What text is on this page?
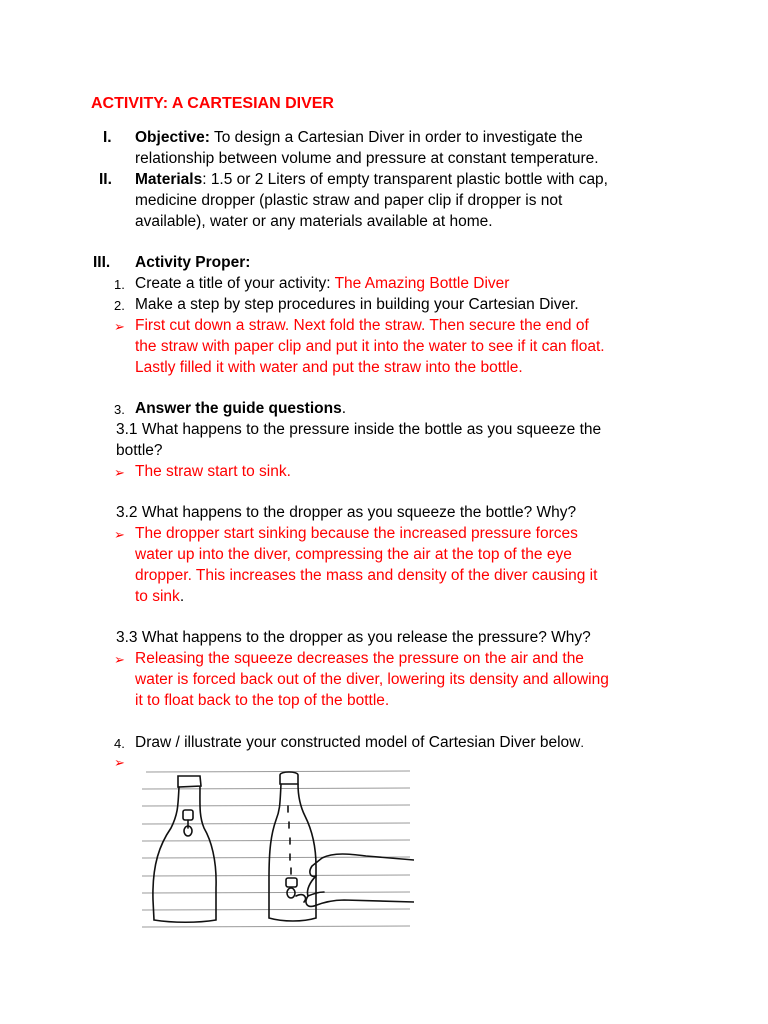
ACTIVITY: A CARTESIAN DIVER
I. Objective: To design a Cartesian Diver in order to investigate the
relationship between volume and pressure at constant temperature.
II. Materials: 1.5 or 2 Liters of empty transparent plastic bottle with cap,
medicine dropper (plastic straw and paper clip if dropper is not
available), water or any materials available at home.
III. Activity Proper:
1. Create a title of your activity: The Amazing Bottle Diver
2. Make a step by step procedures in building your Cartesian Diver.
➢ First cut down a straw. Next fold the straw. Then secure the end of
the straw with paper clip and put it into the water to see if it can float.
Lastly filled it with water and put the straw into the bottle.
3. Answer the guide questions.
3.1 What happens to the pressure inside the bottle as you squeeze the
bottle?
➢ The straw start to sink.
3.2 What happens to the dropper as you squeeze the bottle? Why?
➢ The dropper start sinking because the increased pressure forces
water up into the diver, compressing the air at the top of the eye
dropper. This increases the mass and density of the diver causing it
to sink.
3.3 What happens to the dropper as you release the pressure? Why?
➢ Releasing the squeeze decreases the pressure on the air and the
water is forced back out of the diver, lowering its density and allowing
it to float back to the top of the bottle.
4. Draw / illustrate your constructed model of Cartesian Diver below.
➢
